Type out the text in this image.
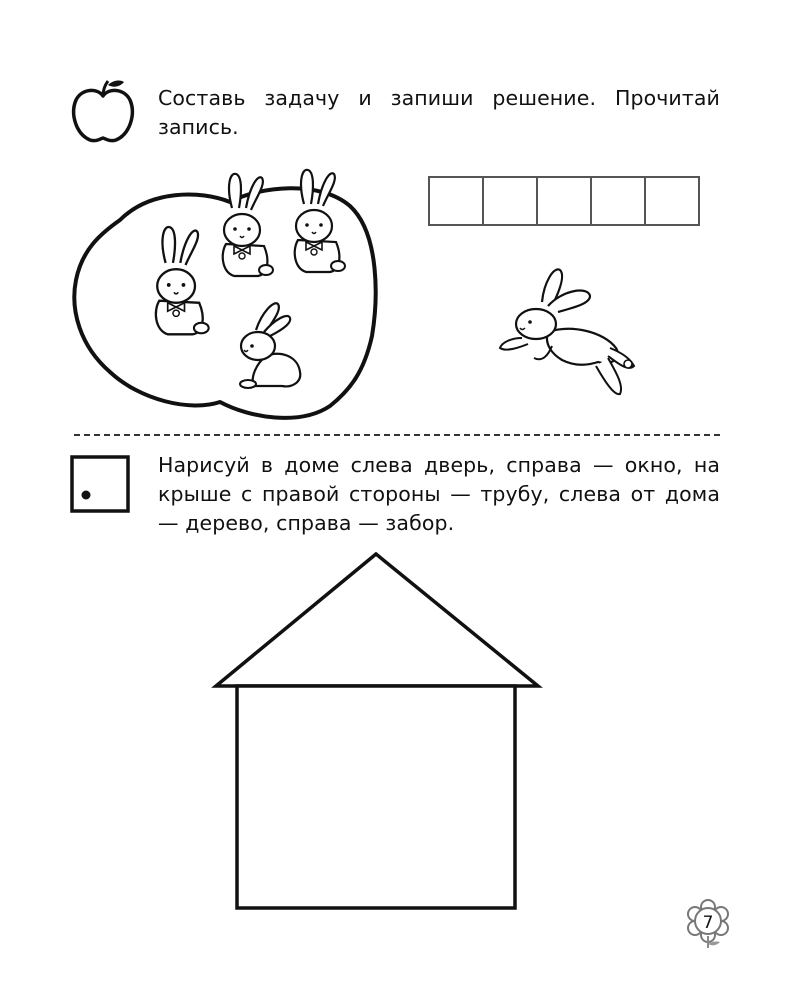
Составь задачу и запиши решение. Прочитай запись.
Нарисуй в доме слева дверь, справа — окно, на крыше с правой стороны — трубу, слева от дома — дерево, справа — забор.
7
